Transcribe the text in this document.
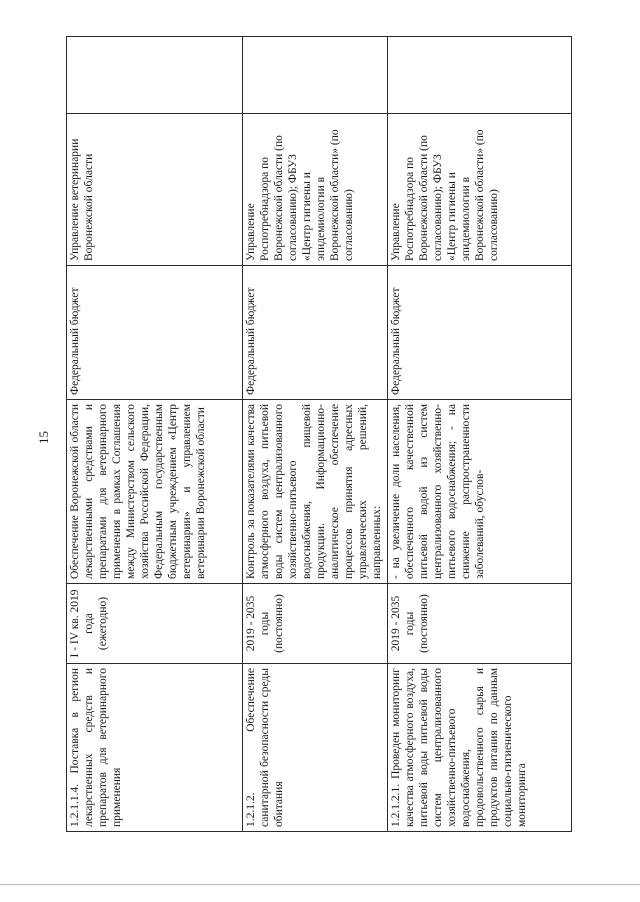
15
1.2.1.1.4. Поставка в регион лекарственных средств и препаратов для ветеринарного применения	I - IV кв. 2019 года (ежегодно)	Обеспечение Воронежской области лекарственными средствами и препаратами для ветеринарного применения в рамках Соглашения между Министерством сельского хозяйства Российской Федерации, Федеральным государственным бюджетным учреждением «Центр ветеринарии» и управлением ветеринарии Воронежской области	Федеральный бюджет	Управление ветеринарии Воронежской области	
1.2.1.2. Обеспечение санитарной безопасности среды обитания	2019 - 2035 годы (постоянно)	Контроль за показателями качества атмосферного воздуха, питьевой воды систем централизованного хозяйственно-питьевого водоснабжения, пищевой продукции. Информационно-аналитическое обеспечение процессов принятия адресных управленческих решений, направленных:	Федеральный бюджет	Управление Роспотребнадзора по Воронежской области (по согласованию); ФБУЗ «Центр гигиены и эпидемиологии в Воронежской области» (по согласованию)	
1.2.1.2.1. Проведен мониторинг качества атмосферного воздуха, питьевой воды питьевой воды систем централизованного хозяйственно-питьевого водоснабжения, продовольственного сырья и продуктов питания по данным социально-гигиенического мониторинга	2019 - 2035 годы (постоянно)	- на увеличение доли населения, обеспеченного качественной питьевой водой из систем централизованного хозяйственно-питьевого водоснабжения; - на снижение распространенности заболеваний, обуслов-	Федеральный бюджет	Управление Роспотребнадзора по Воронежской области (по согласованию); ФБУЗ «Центр гигиены и эпидемиологии в Воронежской области» (по согласованию)	
